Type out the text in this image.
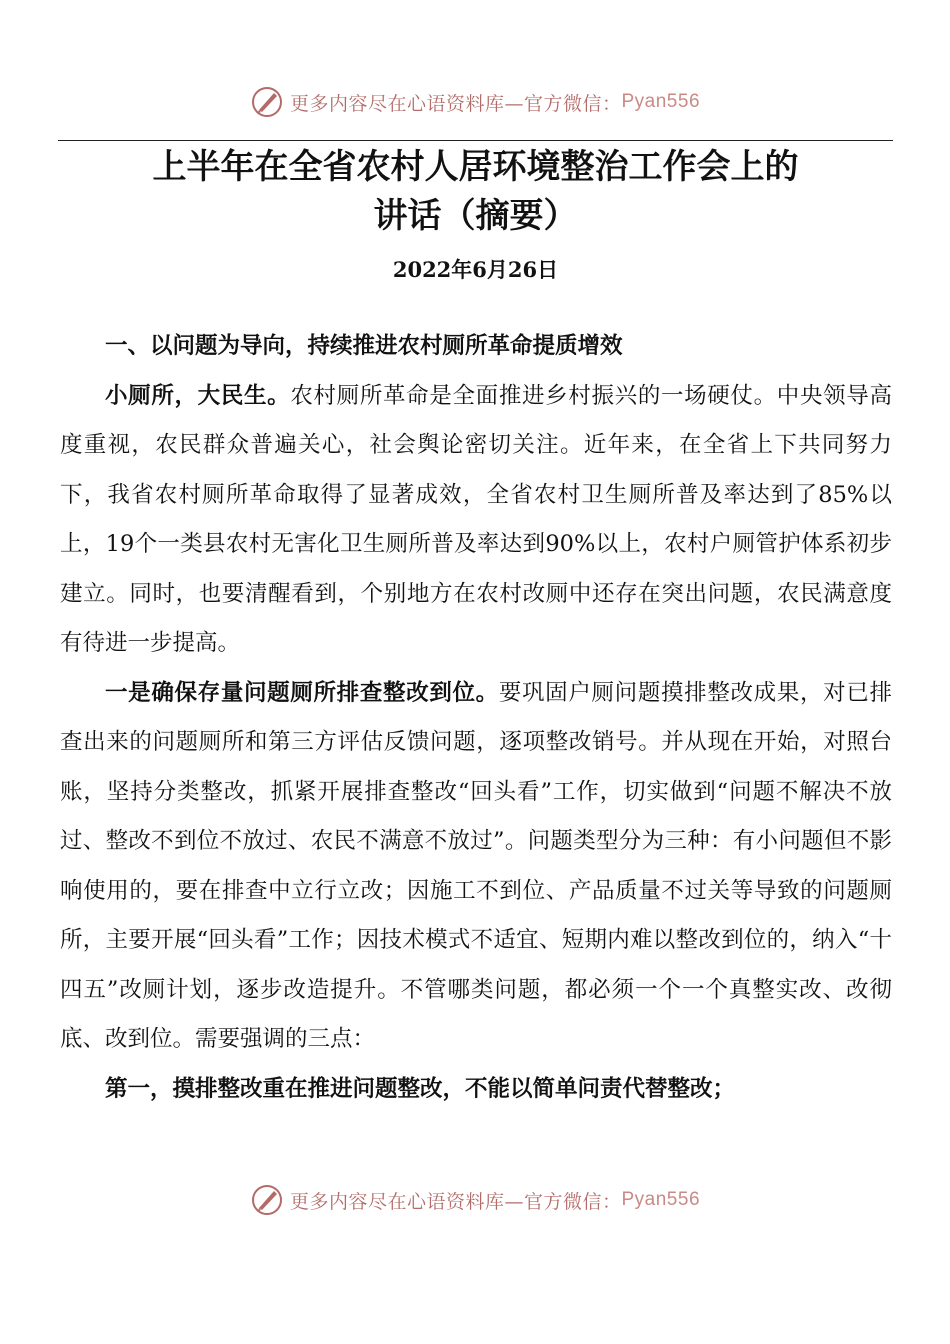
更多内容尽在心语资料库—官方微信： Pyan556
上半年在全省农村人居环境整治工作会上的
讲话（摘要）
2022年6月26日

一、以问题为导向，持续推进农村厕所革命提质增效

小厕所，大民生。农村厕所革命是全面推进乡村振兴的一场硬仗。中央领导高度重视，农民群众普遍关心，社会舆论密切关注。近年来，在全省上下共同努力下，我省农村厕所革命取得了显著成效，全省农村卫生厕所普及率达到了85%以上，19个一类县农村无害化卫生厕所普及率达到90%以上，农村户厕管护体系初步建立。同时，也要清醒看到，个别地方在农村改厕中还存在突出问题，农民满意度有待进一步提高。

一是确保存量问题厕所排查整改到位。要巩固户厕问题摸排整改成果，对已排查出来的问题厕所和第三方评估反馈问题，逐项整改销号。并从现在开始，对照台账，坚持分类整改，抓紧开展排查整改“回头看”工作，切实做到“问题不解决不放过、整改不到位不放过、农民不满意不放过”。问题类型分为三种：有小问题但不影响使用的，要在排查中立行立改；因施工不到位、产品质量不过关等导致的问题厕所，主要开展“回头看”工作；因技术模式不适宜、短期内难以整改到位的，纳入“十四五”改厕计划，逐步改造提升。不管哪类问题，都必须一个一个真整实改、改彻底、改到位。需要强调的三点：

第一，摸排整改重在推进问题整改，不能以简单问责代替整改；

更多内容尽在心语资料库—官方微信： Pyan556
